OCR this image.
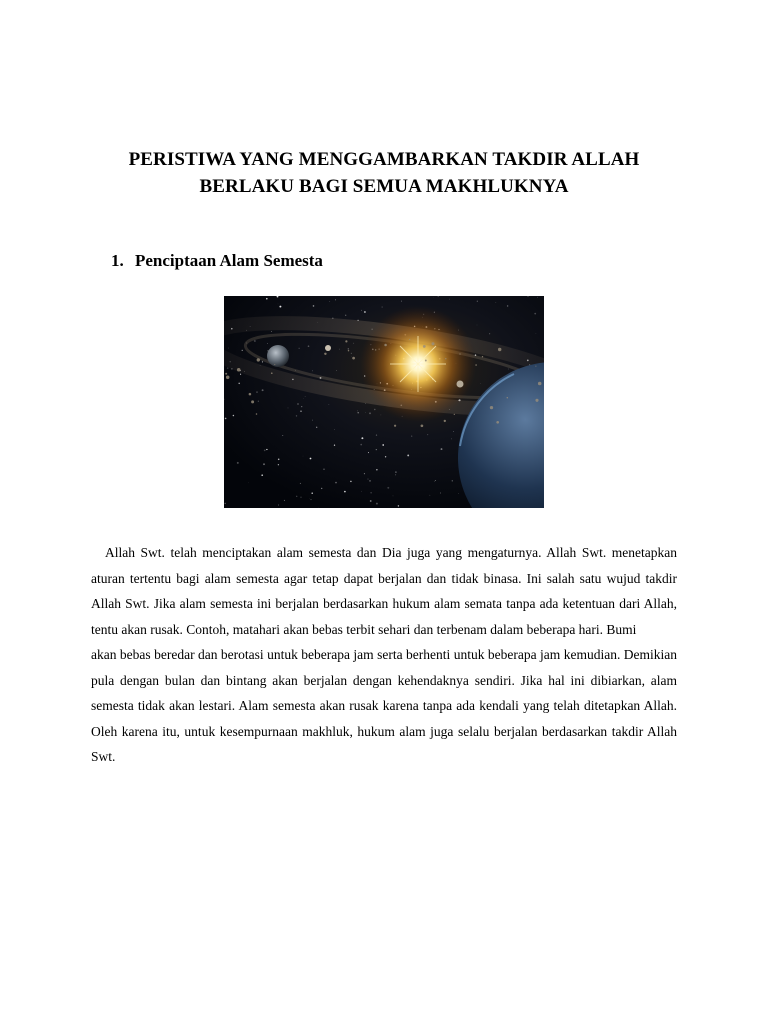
PERISTIWA YANG MENGGAMBARKAN TAKDIR ALLAH
BERLAKU BAGI SEMUA MAKHLUKNYA
1. Penciptaan Alam Semesta

Allah Swt. telah menciptakan alam semesta dan Dia juga yang mengaturnya. Allah Swt. menetapkan aturan tertentu bagi alam semesta agar tetap dapat berjalan dan tidak binasa. Ini salah satu wujud takdir Allah Swt. Jika alam semesta ini berjalan berdasarkan hukum alam semata tanpa ada ketentuan dari Allah, tentu akan rusak. Contoh, matahari akan bebas terbit sehari dan terbenam dalam beberapa hari. Bumi

akan bebas beredar dan berotasi untuk beberapa jam serta berhenti untuk beberapa jam kemudian. Demikian pula dengan bulan dan bintang akan berjalan dengan kehendaknya sendiri. Jika hal ini dibiarkan, alam semesta tidak akan lestari. Alam semesta akan rusak karena tanpa ada kendali yang telah ditetapkan Allah. Oleh karena itu, untuk kesempurnaan makhluk, hukum alam juga selalu berjalan berdasarkan takdir Allah Swt.
